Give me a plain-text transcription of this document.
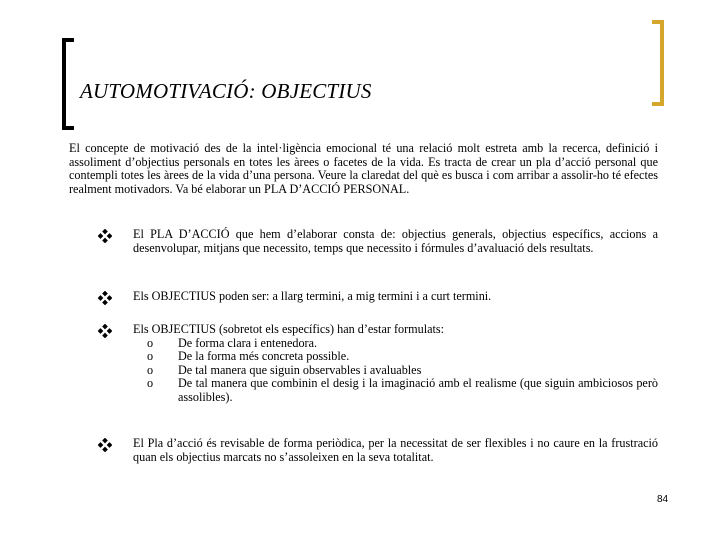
AUTOMOTIVACIÓ: OBJECTIUS

El concepte de motivació des de la intel·ligència emocional té una relació molt estreta amb la recerca, definició i assoliment d’objectius personals en totes les àrees o facetes de la vida. Es tracta de crear un pla d’acció personal que contempli totes les àrees de la vida d’una persona. Veure la claredat del què es busca i com arribar a assolir-ho té efectes realment motivadors. Va bé elaborar un PLA D’ACCIÓ PERSONAL.

El PLA D’ACCIÓ que hem d’elaborar consta de: objectius generals, objectius específics, accions a desenvolupar, mitjans que necessito, temps que necessito i fórmules d’avaluació dels resultats.
Els OBJECTIUS poden ser: a llarg termini, a mig termini i a curt termini.
Els OBJECTIUS (sobretot els específics) han d’estar formulats:
o De forma clara i entenedora.
o De la forma més concreta possible.
o De tal manera que siguin observables i avaluables
o De tal manera que combinin el desig i la imaginació amb el realisme (que siguin ambiciosos però assolibles).
El Pla d’acció és revisable de forma periòdica, per la necessitat de ser flexibles i no caure en la frustració quan els objectius marcats no s’assoleixen en la seva totalitat.
84
